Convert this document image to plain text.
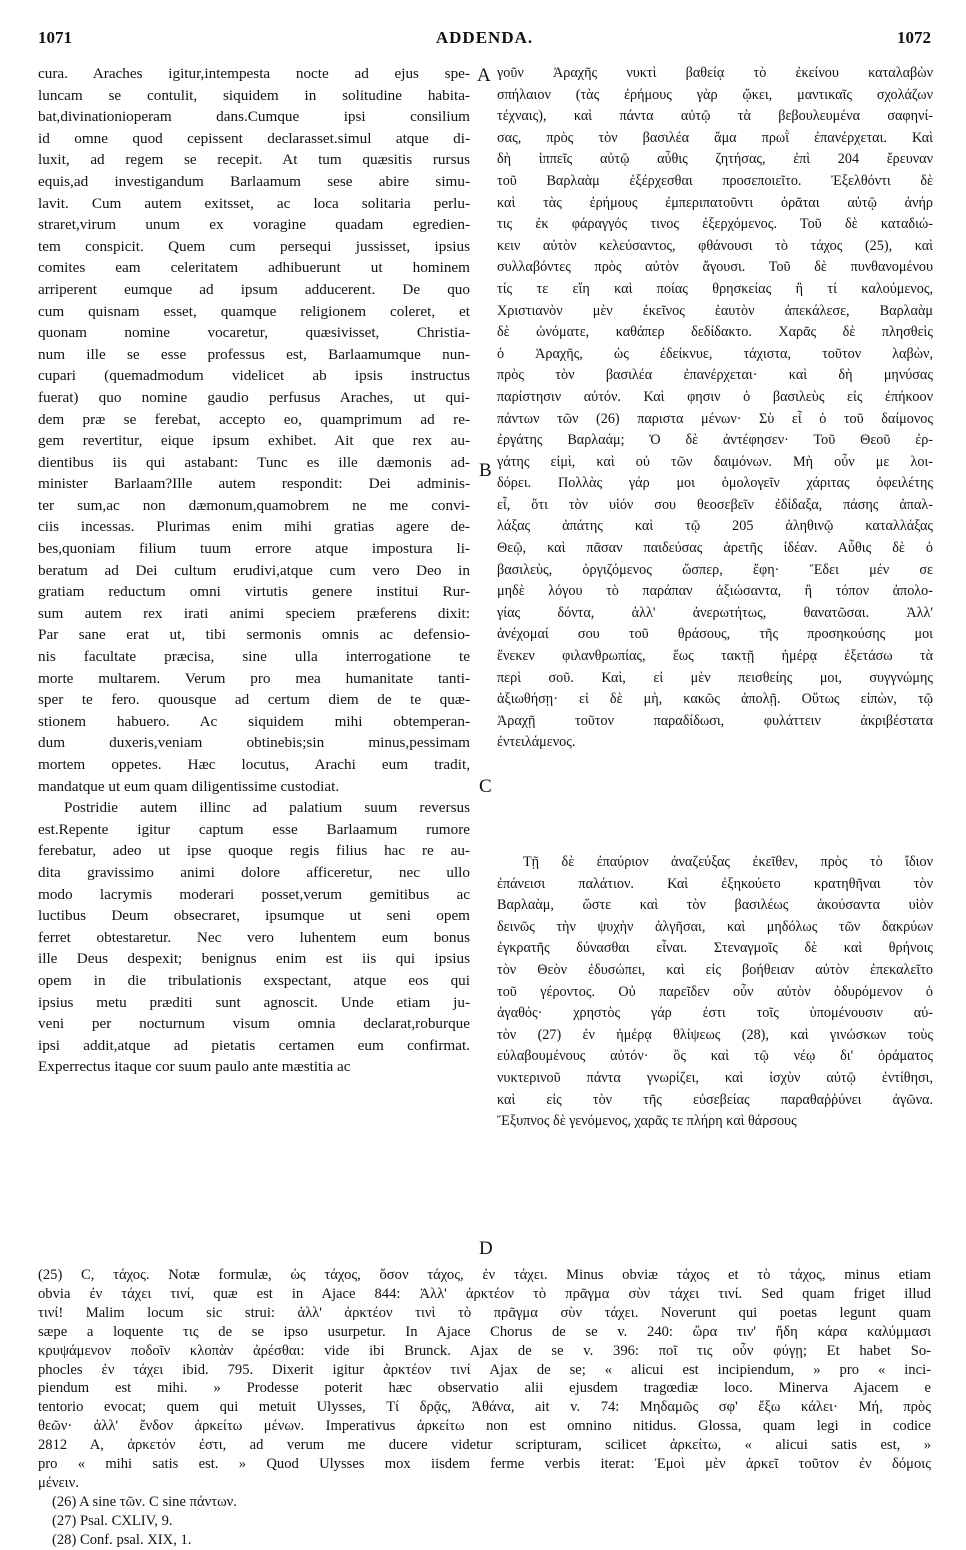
1071	ADDENDA.	1072
cura. Araches igitur,intempesta nocte ad ejus spe-
luncam se contulit, siquidem in solitudine habita-
bat,divinationioperam dans.Cumque ipsi consilium
id omne quod cepissent declarasset.simul atque di-
luxit, ad regem se recepit. At tum quæsitis rursus
equis,ad investigandum Barlaamum sese abire simu-
lavit. Cum autem exitsset, ac loca solitaria perlu-
straret,virum unum ex voragine quadam egredien-
tem conspicit. Quem cum persequi jussisset, ipsius
comites eam celeritatem adhibuerunt ut hominem
arriperent eumque ad ipsum adducerent. De quo
cum quisnam esset, quamque religionem coleret, et
quonam nomine vocaretur, quæsivisset, Christia-
num ille se esse professus est, Barlaamumque nun-
cupari (quemadmodum videlicet ab ipsis instructus
fuerat) quo nomine gaudio perfusus Araches, ut qui-
dem præ se ferebat, accepto eo, quamprimum ad re-
gem revertitur, eique ipsum exhibet. Ait que rex au-
dientibus iis qui astabant: Tunc es ille dæmonis ad-
minister Barlaam?Ille autem respondit: Dei adminis-
ter sum,ac non dæmonum,quamobrem ne me convi-
ciis incessas. Plurimas enim mihi gratias agere de-
bes,quoniam filium tuum errore atque impostura li-
beratum ad Dei cultum erudivi,atque cum vero Deo in
gratiam reductum omni virtutis genere institui Rur-
sum autem rex irati animi speciem præferens dixit:
Par sane erat ut, tibi sermonis omnis ac defensio-
nis facultate præcisa, sine ulla interrogatione te
morte multarem. Verum pro mea humanitate tanti-
sper te fero. quousque ad certum diem de te quæ-
stionem habuero. Ac siquidem mihi obtemperan-
dum duxeris,veniam obtinebis;sin minus,pessimam
mortem oppetes. Hæc locutus, Arachi eum tradit,
mandatque ut eum quam diligentissime custodiat.
Postridie autem illinc ad palatium suum reversus
est.Repente igitur captum esse Barlaamum rumore
ferebatur, adeo ut ipse quoque regis filius hac re au-
dita gravissimo animi dolore afficeretur, nec ullo
modo lacrymis moderari posset,verum gemitibus ac
luctibus Deum obsecraret, ipsumque ut seni opem
ferret obtestaretur. Nec vero luhentem eum bonus
ille Deus despexit; benignus enim est iis qui ipsius
opem in die tribulationis exspectant, atque eos qui
ipsius metu præditi sunt agnoscit. Unde etiam ju-
veni per nocturnum visum omnia declarat,roburque
ipsi addit,atque ad pietatis certamen eum confirmat.
Experrectus itaque cor suum paulo ante mæstitia ac
γοῦν Ἀραχῆς νυκτὶ βαθείᾳ τὸ ἐκείνου καταλαβὼν
σπήλαιον (τὰς ἐρήμους γὰρ ᾤκει, μαντικαῖς σχολάζων
τέχναις), καὶ πάντα αὐτῷ τὰ βεβουλευμένα σαφηνί-
σας, πρὸς τὸν βασιλέα ἅμα πρωῒ ἐπανέρχεται. Καὶ
δὴ ἱππεῖς αὐτῷ αὖθις ζητήσας, ἐπὶ 204 ἔρευναν
τοῦ Βαρλαὰμ ἐξέρχεσθαι προσεποιεῖτο. Ἐξελθόντι δὲ
καὶ τὰς ἐρήμους ἐμπεριπατοῦντι ὁρᾶται αὐτῷ ἀνήρ
τις ἐκ φάραγγός τινος ἐξερχόμενος. Τοῦ δὲ καταδιώ-
κειν αὐτὸν κελεύσαντος, φθάνουσι τὸ τάχος (25), καὶ
συλλαβόντες πρὸς αὐτὸν ἄγουσι. Τοῦ δὲ πυνθανομένου
τίς τε εἴη καὶ ποίας θρησκείας ἢ τί καλούμενος,
Χριστιανὸν μὲν ἐκεῖνος ἑαυτὸν ἀπεκάλεσε, Βαρλαὰμ
δὲ ὠνόματε, καθάπερ δεδίδακτο. Χαρᾶς δὲ πλησθεὶς
ὁ Ἀραχῆς, ὡς ἐδείκνυε, τάχιστα, τοῦτον λαβὼν,
πρὸς τὸν βασιλέα ἐπανέρχεται· καὶ δὴ μηνύσας
παρίστησιν αὐτόν. Καὶ φησιν ὁ βασιλεὺς εἰς ἐπήκοον
πάντων τῶν (26) παριστα μένων· Σὺ εἶ ὁ τοῦ δαίμονος
ἐργάτης Βαρλαάμ; Ὁ δὲ ἀντέφησεν· Τοῦ Θεοῦ ἐρ-
γάτης εἰμὶ, καὶ οὐ τῶν δαιμόνων. Μὴ οὖν με λοι-
δόρει. Πολλὰς γάρ μοι ὁμολογεῖν χάριτας ὀφειλέτης
εἶ, ὅτι τὸν υἱόν σου θεοσεβεῖν ἐδίδαξα, πάσης ἀπαλ-
λάξας ἀπάτης καὶ τῷ 205 ἀληθινῷ καταλλάξας
Θεῷ, καὶ πᾶσαν παιδεύσας ἀρετῆς ἰδέαν. Αὖθις δὲ ὁ
βασιλεὺς, ὀργιζόμενος ὥσπερ, ἔφη· Ἔδει μέν σε
μηδὲ λόγου τὸ παράπαν ἀξιώσαντα, ἢ τόπον ἀπολο-
γίας δόντα, ἀλλ' ἀνερωτήτως, θανατῶσαι. Ἀλλ'
ἀνέχομαί σου τοῦ θράσους, τῆς προσηκούσης μοι
ἕνεκεν φιλανθρωπίας, ἕως τακτῇ ἡμέρᾳ ἐξετάσω τὰ
περὶ σοῦ. Καὶ, εἰ μὲν πεισθείης μοι, συγγνώμης
ἀξιωθήσῃ· εἰ δὲ μὴ, κακῶς ἀπολῇ. Οὕτως εἰπὼν, τῷ
Ἀραχῇ τοῦτον παραδίδωσι, φυλάττειν ἀκριβέστατα
ἐντειλάμενος.
Τῇ δὲ ἐπαύριον ἀναζεύξας ἐκεῖθεν, πρὸς τὸ ἴδιον
ἐπάνεισι παλάτιον. Καὶ ἐξηκούετο κρατηθῆναι τὸν
Βαρλαὰμ, ὥστε καὶ τὸν βασιλέως ἀκούσαντα υἱὸν
δεινῶς τὴν ψυχὴν ἀλγῆσαι, καὶ μηδόλως τῶν δακρύων
ἐγκρατῆς δύνασθαι εἶναι. Στεναγμοῖς δὲ καὶ θρήνοις
τὸν Θεὸν ἐδυσώπει, καὶ εἰς βοήθειαν αὐτὸν ἐπεκαλεῖτο
τοῦ γέροντος. Οὐ παρεῖδεν οὖν αὐτὸν ὀδυρόμενον ὁ
ἀγαθός· χρηστὸς γάρ ἐστι τοῖς ὑπομένουσιν αὐ-
τὸν (27) ἐν ἡμέρᾳ θλίψεως (28), καὶ γινώσκων τοὺς
εὐλαβουμένους αὐτόν· ὃς καὶ τῷ νέῳ δι' ὁράματος
νυκτερινοῦ πάντα γνωρίζει, καὶ ἰσχὺν αὐτῷ ἐντίθησι,
καὶ εἰς τὸν τῆς εὐσεβείας παραθαῤῥύνει ἀγῶνα.
Ἔξυπνος δὲ γενόμενος, χαρᾶς τε πλήρη καὶ θάρσους
A
B
C
D
(25) C, τάχος. Notæ formulæ, ὡς τάχος, ὅσον τάχος, ἐν τάχει. Minus obviæ τάχος et τὸ τάχος, minus etiam
obvia ἐν τάχει τινί, quæ est in Ajace 844: Ἀλλ' ἀρκτέον τὸ πρᾶγμα σὺν τάχει τινί. Sed quam friget illud
τινί! Malim locum sic strui: ἀλλ' ἀρκτέον τινὶ τὸ πρᾶγμα σὺν τάχει. Noverunt qui poetas legunt quam
sæpe a loquente τις de se ipso usurpetur. In Ajace Chorus de se v. 240: ὥρα τιν' ἤδη κάρα καλύμμασι
κρυψάμενον ποδοῖν κλοπὰν ἀρέσθαι: vide ibi Brunck. Ajax de se v. 396: ποῖ τις οὖν φύγῃ; Et habet So-
phocles ἐν τάχει ibid. 795. Dixerit igitur ἀρκτέον τινί Ajax de se; « alicui est incipiendum, » pro « inci-
piendum est mihi. » Prodesse poterit hæc observatio alii ejusdem tragœdiæ loco. Minerva Ajacem e
tentorio evocat; quem qui metuit Ulysses, Τί δρᾷς, Ἀθάνα, ait v. 74: Μηδαμῶς σφ' ἔξω κάλει· Μή, πρὸς
θεῶν· ἀλλ' ἔνδον ἀρκείτω μένων. Imperativus ἀρκείτω non est omnino nitidus. Glossa, quam legi in codice
2812 A, ἀρκετόν ἐστι, ad verum me ducere videtur scripturam, scilicet ἀρκείτω, « alicui satis est, »
pro « mihi satis est. » Quod Ulysses mox iisdem ferme verbis iterat: Ἐμοὶ μὲν ἀρκεῖ τοῦτον ἐν δόμοις
μένειν.
(26) A sine τῶν. C sine πάντων.
(27) Psal. CXLIV, 9.
(28) Conf. psal. XIX, 1.
